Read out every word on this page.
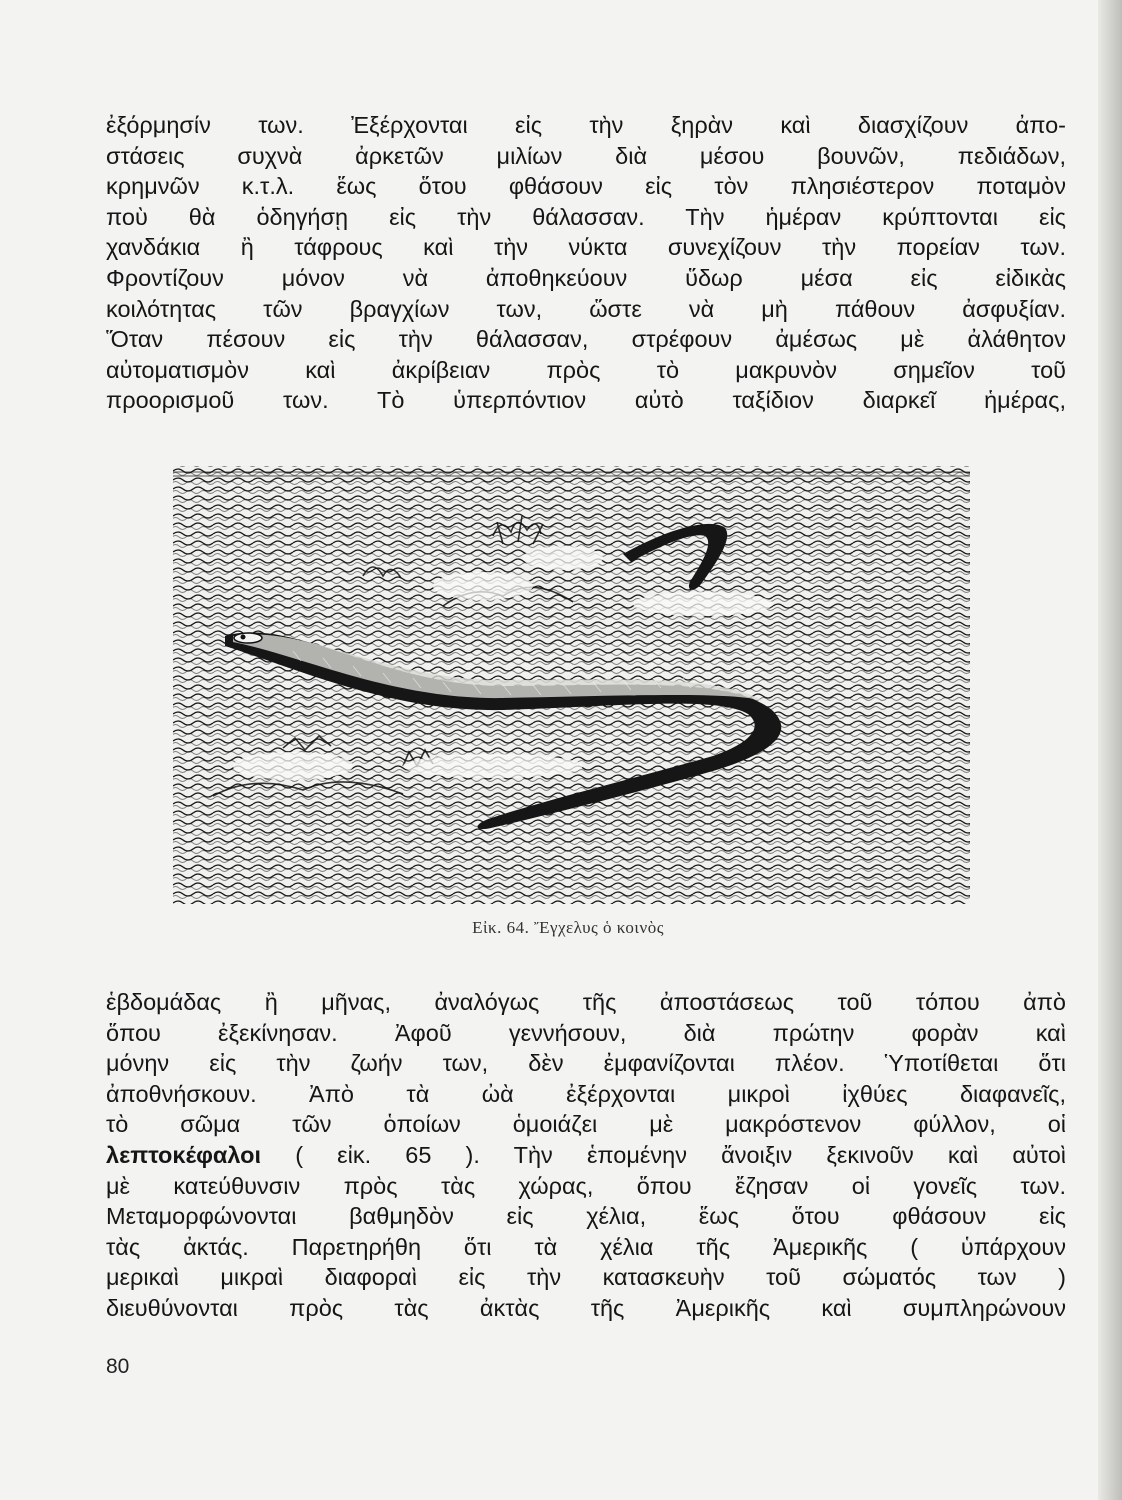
ἐξόρμησίν των. Ἐξέρχονται εἰς τὴν ξηρὰν καὶ διασχίζουν ἀπο-
στάσεις συχνὰ ἀρκετῶν μιλίων διὰ μέσου βουνῶν, πεδιάδων,
κρημνῶν κ.τ.λ. ἕως ὅτου φθάσουν εἰς τὸν πλησιέστερον ποταμὸν
ποὺ θὰ ὁδηγήσῃ εἰς τὴν θάλασσαν. Τὴν ἡμέραν κρύπτονται εἰς
χανδάκια ἢ τάφρους καὶ τὴν νύκτα συνεχίζουν τὴν πορείαν των.
Φροντίζουν μόνον νὰ ἀποθηκεύουν ὕδωρ μέσα εἰς εἰδικὰς
κοιλότητας τῶν βραγχίων των, ὥστε νὰ μὴ πάθουν ἀσφυξίαν.
Ὅταν πέσουν εἰς τὴν θάλασσαν, στρέφουν ἀμέσως μὲ ἀλάθητον
αὐτοματισμὸν καὶ ἀκρίβειαν πρὸς τὸ μακρυνὸν σημεῖον τοῦ
προορισμοῦ των. Τὸ ὑπερπόντιον αὐτὸ ταξίδιον διαρκεῖ ἡμέρας,
Εἰκ. 64. Ἔγχελυς ὁ κοινὸς
ἑβδομάδας ἢ μῆνας, ἀναλόγως τῆς ἀποστάσεως τοῦ τόπου ἀπὸ
ὅπου ἐξεκίνησαν. Ἀφοῦ γεννήσουν, διὰ πρώτην φορὰν καὶ
μόνην εἰς τὴν ζωήν των, δὲν ἐμφανίζονται πλέον. Ὑποτίθεται ὅτι
ἀποθνήσκουν. Ἀπὸ τὰ ὠὰ ἐξέρχονται μικροὶ ἰχθύες διαφανεῖς,
τὸ σῶμα τῶν ὁποίων ὁμοιάζει μὲ μακρόστενον φύλλον, οἱ
λεπτοκέφαλοι ( εἰκ. 65 ). Τὴν ἑπομένην ἄνοιξιν ξεκινοῦν καὶ αὐτοὶ
μὲ κατεύθυνσιν πρὸς τὰς χώρας, ὅπου ἔζησαν οἱ γονεῖς των.
Μεταμορφώνονται βαθμηδὸν εἰς χέλια, ἕως ὅτου φθάσουν εἰς
τὰς ἀκτάς. Παρετηρήθη ὅτι τὰ χέλια τῆς Ἀμερικῆς ( ὑπάρχουν
μερικαὶ μικραὶ διαφοραὶ εἰς τὴν κατασκευὴν τοῦ σώματός των )
διευθύνονται πρὸς τὰς ἀκτὰς τῆς Ἀμερικῆς καὶ συμπληρώνουν
80
